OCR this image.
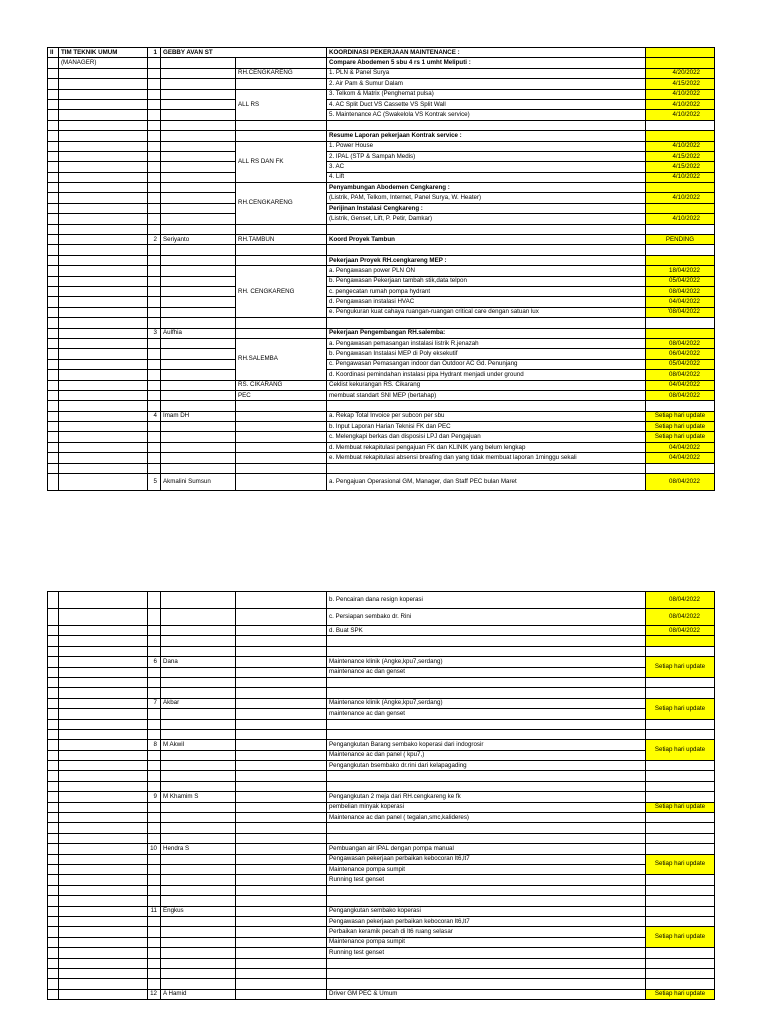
II	TIM TEKNIK UMUM	1	GEBBY AVAN ST		KOORDINASI PEKERJAAN MAINTENANCE :	
	(MANAGER)				Compare Abodemen 5 sbu 4 rs 1 umht Meliputi :	
				RH.CENGKARENG	1. PLN & Panel Surya	4/20/2022
					2. Air Pam & Sumur Dalam	4/15/2022
				ALL RS	3. Telkom & Matrix (Penghemat pulsa)	4/10/2022
					4. AC Split Duct VS Cassette VS Split Wall	4/10/2022
					5. Maintenance AC (Swakelola VS Kontrak service)	4/10/2022

					Resume Laporan pekerjaan Kontrak service :	
				ALL RS DAN FK	1. Power House	4/10/2022
					2. IPAL (STP & Sampah Medis)	4/15/2022
					3. AC	4/15/2022
					4. Lift	4/10/2022
				RH.CENGKARENG	Penyambungan Abodemen Cengkareng :	
					(Listrik, PAM, Telkom, Internet, Panel Surya, W. Heater)	4/10/2022
					Perijinan Instalasi Cengkareng :	
					(Listrik, Genset, Lift, P. Petir, Damkar)	4/10/2022

		2	Seriyanto	RH.TAMBUN	Koord Proyek Tambun	PENDING

					Pekerjaan Proyek RH.cengkareng MEP :	
				RH. CENGKARENG	a. Pengawasan power PLN ON	18/04/2022
					b. Pengawasan Pekerjaan tambah stik,data telpon	05/04/2022
					c. pengecatan rumah pompa hydrant	08/04/2022
					d. Pengawasan instalasi HVAC	04/04/2022
					e. Pengukuran kuat cahaya ruangan-ruangan critical care dengan satuan lux	'08/04/2022

		3	Aulfhia		Pekerjaan Pengembangan RH.salemba:	
				RH.SALEMBA	a. Pengawasan pemasangan instalasi listrik R.jenazah	08/04/2022
					b. Pengawasan Instalasi MEP di Poly eksekutif	06/04/2022
					c. Pengawasan Pemasangan indoor dan Outdoor AC Gd. Penunjang	05/04/2022
					d. Koordinasi pemindahan instalasi pipa Hydrant menjadi under ground	08/04/2022
				RS. CIKARANG	Ceklist kekurangan RS. Cikarang	04/04/2022
				PEC	membuat standart SNI MEP (bertahap)	08/04/2022

		4	Imam DH		a. Rekap Total Invoice per subcon per sbu	Setiap hari update
					b. Input Laporan Harian Teknisi FK dan PEC	Setiap hari update
					c. Melengkapi berkas dan disposisi LPJ dan Pengajuan	Setiap hari update
					d. Membuat rekapitulasi pengajuan FK dan KLINIK yang belum lengkap	04/04/2022
					e. Membuat rekapitulasi absensi breafing dan yang tidak membuat laporan 1minggu sekali	04/04/2022

		5	Akmalini Sumsun		a. Pengajuan Operasional GM, Manager, dan Staff PEC bulan Maret	08/04/2022
					b. Pencairan dana resign koperasi	08/04/2022
					c. Persiapan sembako dr. Rini	08/04/2022
					d. Buat SPK	08/04/2022

		6	Dana		Maintenance klinik (Angke,kpu7,serdang)	Setiap hari update
					maintenance ac dan genset	

		7	Akbar		Maintenance klinik (Angke,kpu7,serdang)	Setiap hari update
					maintenance ac dan genset	

		8	M Akwil		Pengangkutan Barang sembako koperasi dari indogrosir	Setiap hari update
					Maintenance ac dan panel ( kpu7,)	
					Pengangkutan bsembako dr.rini dari kelapagading	

		9	M Khamim S		Pengangkutan 2 meja dari RH.cengkareng ke fk	
					pembelian minyak koperasi	Setiap hari update
					Maintenance ac dan panel ( tegalan,smc,kalideres)	

		10	Hendra S		Pembuangan air IPAL dengan pompa manual	
					Pengawasan pekerjaan perbaikan kebocoran lt6,lt7	Setiap hari update
					Maintenance pompa sumpit	
					Running test genset	

		11	Engkus		Pengangkutan sembako koperasi	
					Pengawasan pekerjaan perbaikan kebocoran lt6,lt7	
					Perbaikan keramik pecah di lt6 ruang selasar	Setiap hari update
					Maintenance pompa sumpit	
					Running test genset	

		12	A Hamid		Driver GM PEC & Umum	Setiap hari update
